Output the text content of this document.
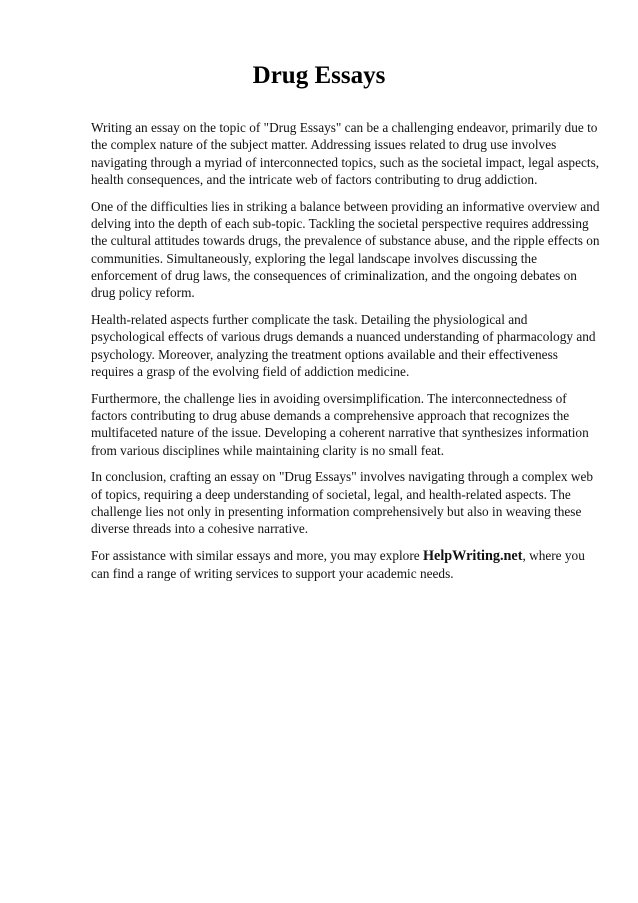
Drug Essays

Writing an essay on the topic of "Drug Essays" can be a challenging endeavor, primarily due to the complex nature of the subject matter. Addressing issues related to drug use involves navigating through a myriad of interconnected topics, such as the societal impact, legal aspects, health consequences, and the intricate web of factors contributing to drug addiction.

One of the difficulties lies in striking a balance between providing an informative overview and delving into the depth of each sub-topic. Tackling the societal perspective requires addressing the cultural attitudes towards drugs, the prevalence of substance abuse, and the ripple effects on communities. Simultaneously, exploring the legal landscape involves discussing the enforcement of drug laws, the consequences of criminalization, and the ongoing debates on drug policy reform.

Health-related aspects further complicate the task. Detailing the physiological and psychological effects of various drugs demands a nuanced understanding of pharmacology and psychology. Moreover, analyzing the treatment options available and their effectiveness requires a grasp of the evolving field of addiction medicine.

Furthermore, the challenge lies in avoiding oversimplification. The interconnectedness of factors contributing to drug abuse demands a comprehensive approach that recognizes the multifaceted nature of the issue. Developing a coherent narrative that synthesizes information from various disciplines while maintaining clarity is no small feat.

In conclusion, crafting an essay on "Drug Essays" involves navigating through a complex web of topics, requiring a deep understanding of societal, legal, and health-related aspects. The challenge lies not only in presenting information comprehensively but also in weaving these diverse threads into a cohesive narrative.

For assistance with similar essays and more, you may explore HelpWriting.net, where you can find a range of writing services to support your academic needs.
